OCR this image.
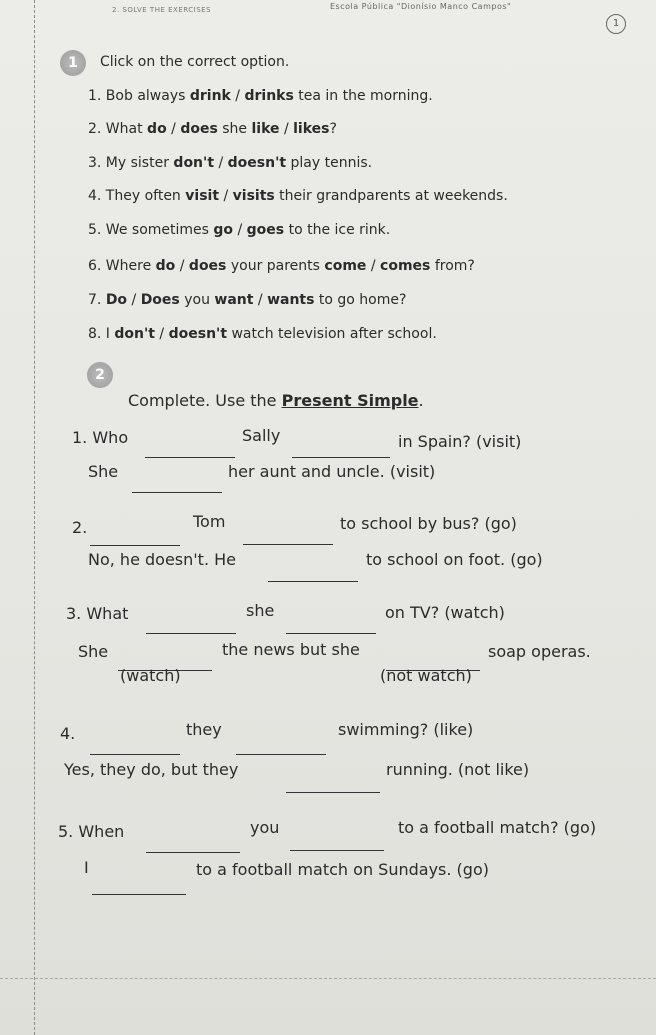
2. SOLVE THE EXERCISES	Escola Pública "Dionísio Manco Campos"
1
1	Click on the correct option.
1. Bob always drink / drinks tea in the morning.
2. What do / does she like / likes?
3. My sister don't / doesn't play tennis.
4. They often visit / visits their grandparents at weekends.
5. We sometimes go / goes to the ice rink.
6. Where do / does your parents come / comes from?
7. Do / Does you want / wants to go home?
8. I don't / doesn't watch television after school.
2
Complete. Use the Present Simple.
1. Who	Sally	in Spain? (visit)
She	her aunt and uncle. (visit)
2.	Tom	to school by bus? (go)
No, he doesn't. He	to school on foot. (go)
3. What	she	on TV? (watch)
She	the news but she	soap operas.
(watch)	(not watch)
4.	they	swimming? (like)
Yes, they do, but they	running. (not like)
5. When	you	to a football match? (go)
I	to a football match on Sundays. (go)
